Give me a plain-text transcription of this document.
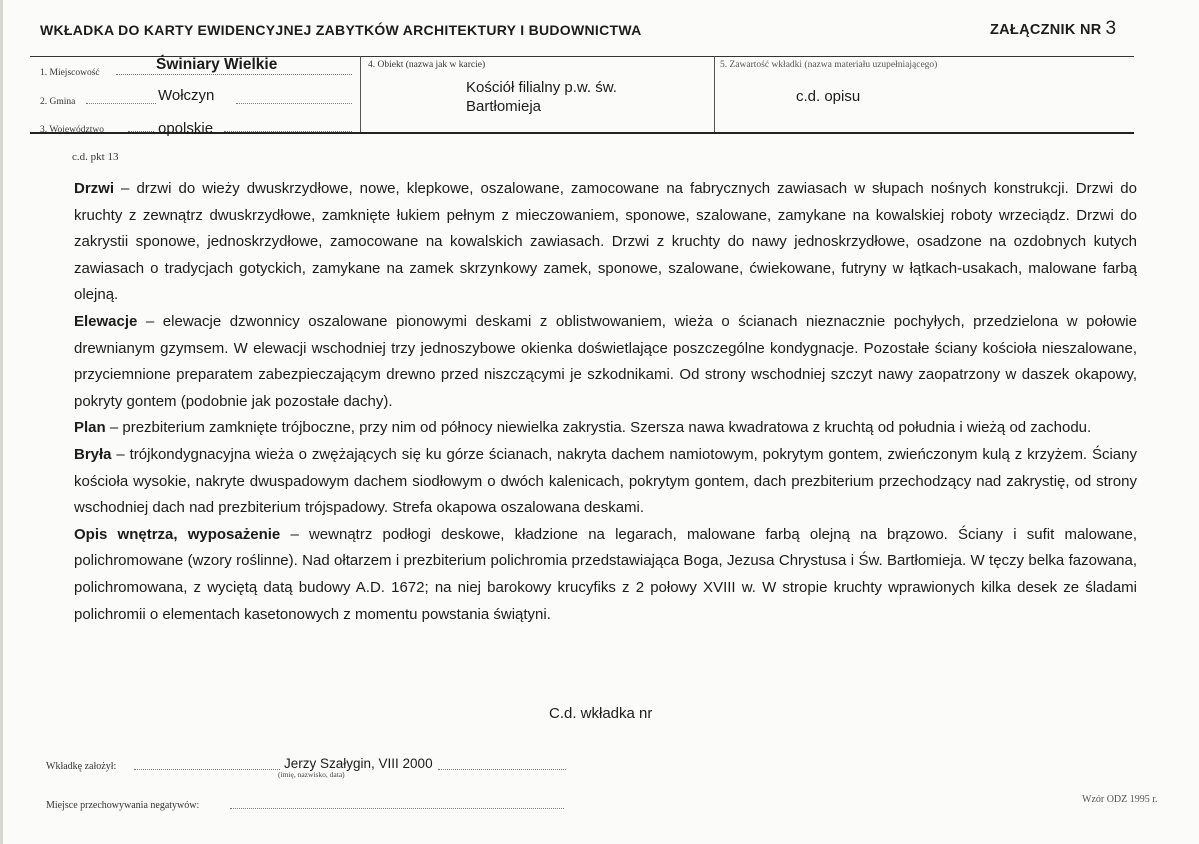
WKŁADKA DO KARTY EWIDENCYJNEJ ZABYTKÓW ARCHITEKTURY I BUDOWNICTWA	ZAŁĄCZNIK NR 3
1. Miejscowość	Świniary Wielkie
2. Gmina	Wołczyn
3. Województwo	opolskie
4. Obiekt (nazwa jak w karcie)
Kościół filialny p.w. św.
Bartłomieja
5. Zawartość wkładki (nazwa materiału uzupełniającego)
c.d. opisu
c.d. pkt 13

Drzwi – drzwi do wieży dwuskrzydłowe, nowe, klepkowe, oszalowane, zamocowane na fabrycznych zawiasach w słupach nośnych konstrukcji. Drzwi do kruchty z zewnątrz dwuskrzydłowe, zamknięte łukiem pełnym z mieczowaniem, sponowe, szalowane, zamykane na kowalskiej roboty wrzeciądz. Drzwi do zakrystii sponowe, jednoskrzydłowe, zamocowane na kowalskich zawiasach. Drzwi z kruchty do nawy jednoskrzydłowe, osadzone na ozdobnych kutych zawiasach o tradycjach gotyckich, zamykane na zamek skrzynkowy zamek, sponowe, szalowane, ćwiekowane, futryny w łątkach-usakach, malowane farbą olejną.

Elewacje – elewacje dzwonnicy oszalowane pionowymi deskami z oblistwowaniem, wieża o ścianach nieznacznie pochyłych, przedzielona w połowie drewnianym gzymsem. W elewacji wschodniej trzy jednoszybowe okienka doświetlające poszczególne kondygnacje. Pozostałe ściany kościoła nieszalowane, przyciemnione preparatem zabezpieczającym drewno przed niszczącymi je szkodnikami. Od strony wschodniej szczyt nawy zaopatrzony w daszek okapowy, pokryty gontem (podobnie jak pozostałe dachy).

Plan – prezbiterium zamknięte trójboczne, przy nim od północy niewielka zakrystia. Szersza nawa kwadratowa z kruchtą od południa i wieżą od zachodu.

Bryła – trójkondygnacyjna wieża o zwężających się ku górze ścianach, nakryta dachem namiotowym, pokrytym gontem, zwieńczonym kulą z krzyżem. Ściany kościoła wysokie, nakryte dwuspadowym dachem siodłowym o dwóch kalenicach, pokrytym gontem, dach prezbiterium przechodzący nad zakrystię, od strony wschodniej dach nad prezbiterium trójspadowy. Strefa okapowa oszalowana deskami.

Opis wnętrza, wyposażenie – wewnątrz podłogi deskowe, kładzione na legarach, malowane farbą olejną na brązowo. Ściany i sufit malowane, polichromowane (wzory roślinne). Nad ołtarzem i prezbiterium polichromia przedstawiająca Boga, Jezusa Chrystusa i Św. Bartłomieja. W tęczy belka fazowana, polichromowana, z wyciętą datą budowy A.D. 1672; na niej barokowy krucyfiks z 2 połowy XVIII w. W stropie kruchty wprawionych kilka desek ze śladami polichromii o elementach kasetonowych z momentu powstania świątyni.

C.d. wkładka nr
Wkładkę założył:	Jerzy Szałygin, VIII 2000
(imię, nazwisko, data)
Miejsce przechowywania negatywów:
Wzór ODZ 1995 r.
